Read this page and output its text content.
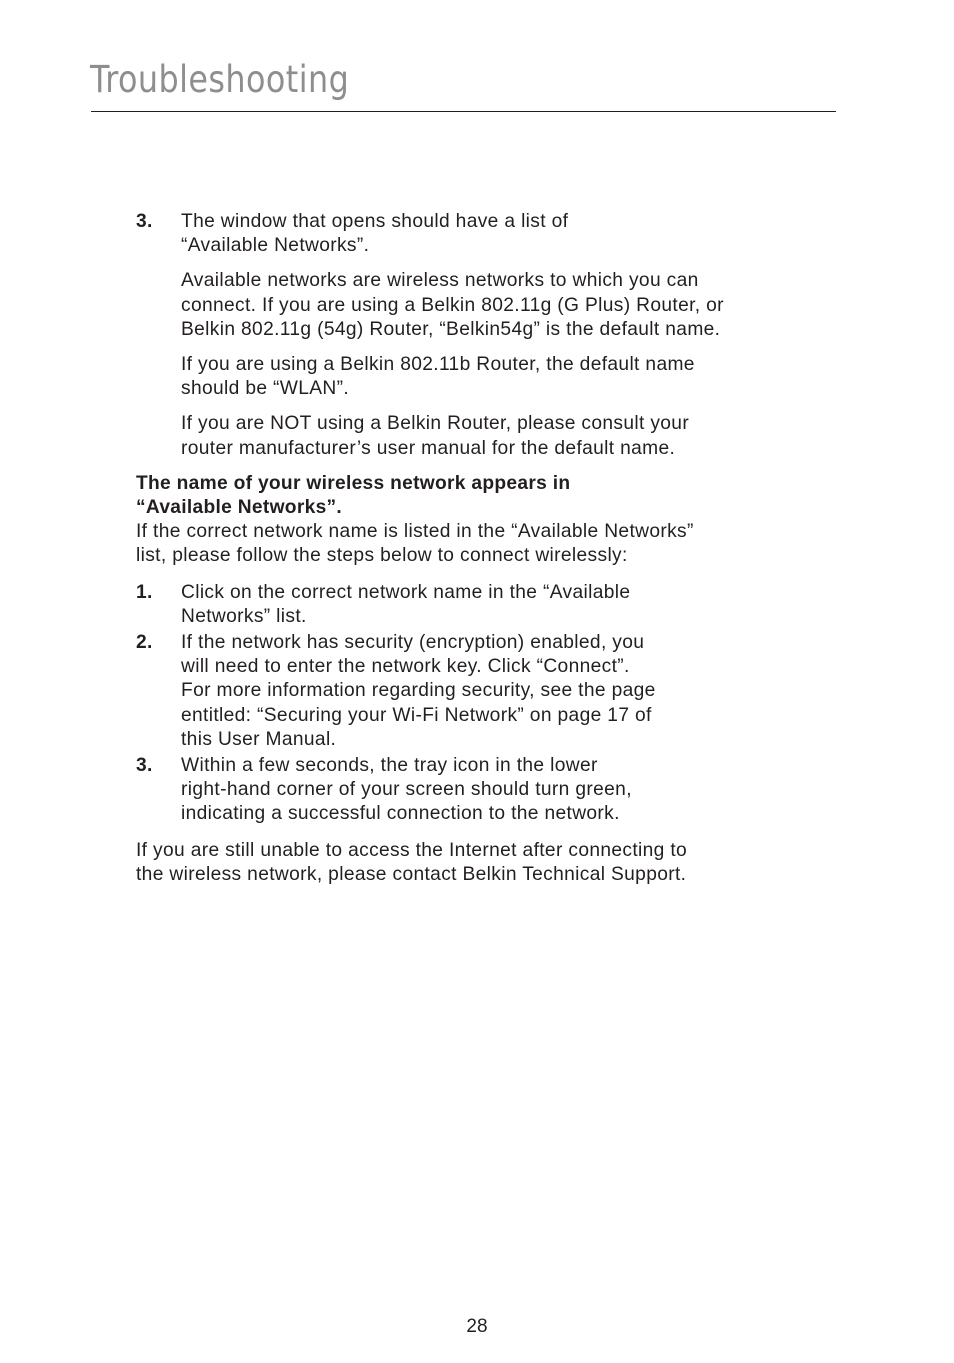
Troubleshooting
3. The window that opens should have a list of
“Available Networks”.
Available networks are wireless networks to which you can
connect. If you are using a Belkin 802.11g (G Plus) Router, or
Belkin 802.11g (54g) Router, “Belkin54g” is the default name.
If you are using a Belkin 802.11b Router, the default name
should be “WLAN”.
If you are NOT using a Belkin Router, please consult your
router manufacturer’s user manual for the default name.
The name of your wireless network appears in
“Available Networks”.
If the correct network name is listed in the “Available Networks”
list, please follow the steps below to connect wirelessly:
1. Click on the correct network name in the “Available
Networks” list.
2. If the network has security (encryption) enabled, you
will need to enter the network key. Click “Connect”.
For more information regarding security, see the page
entitled: “Securing your Wi-Fi Network” on page 17 of
this User Manual.
3. Within a few seconds, the tray icon in the lower
right-hand corner of your screen should turn green,
indicating a successful connection to the network.
If you are still unable to access the Internet after connecting to
the wireless network, please contact Belkin Technical Support.
28
